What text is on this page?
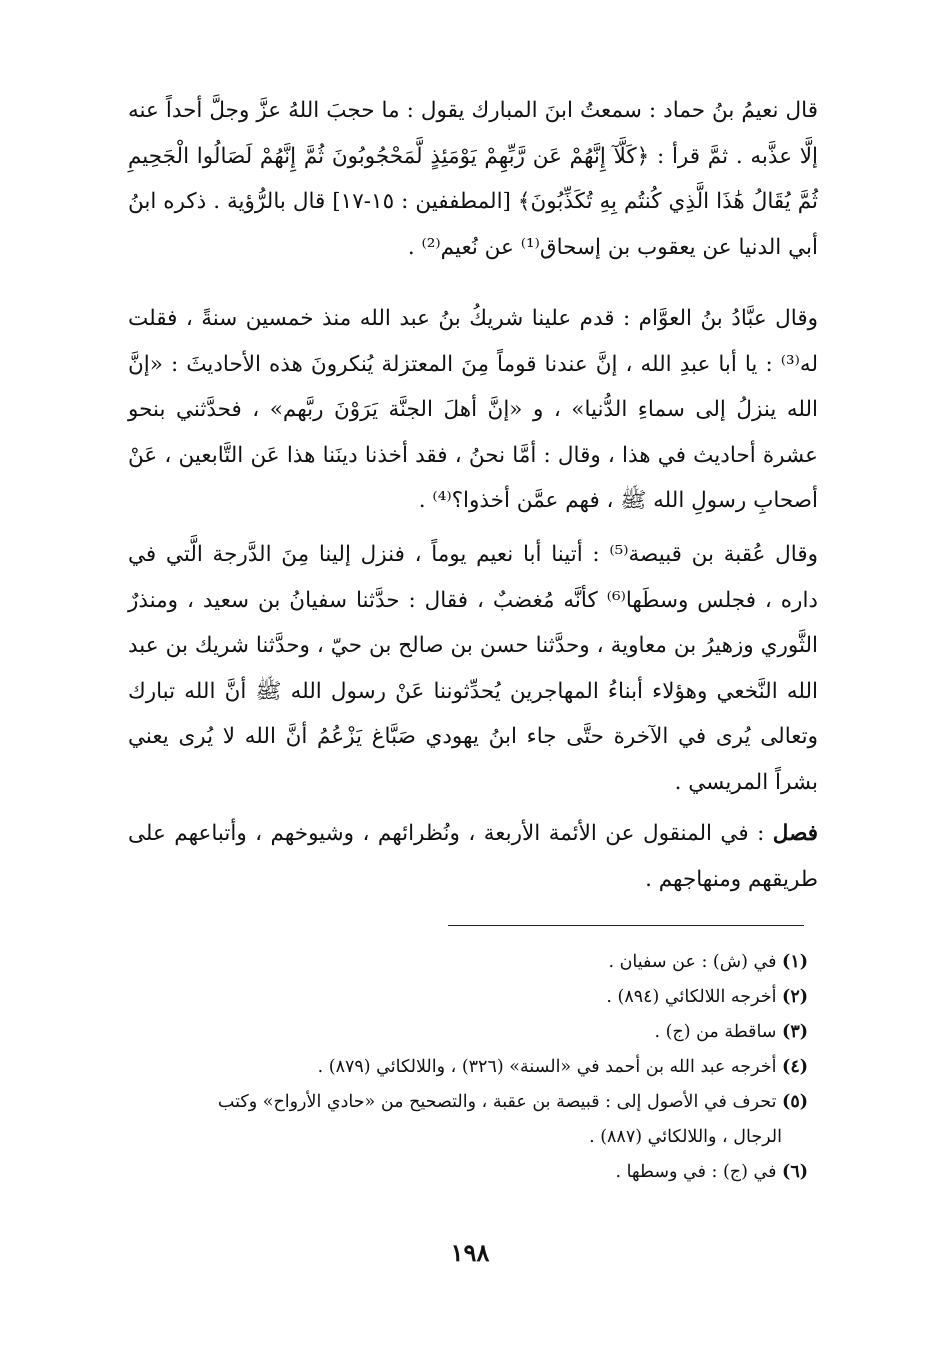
قال نعيمُ بنُ حماد : سمعتُ ابنَ المبارك يقول : ما حجبَ اللهُ عزَّ وجلَّ أحداً عنه إلَّا عذَّبه . ثمَّ قرأ : ﴿كَلَّآ إِنَّهُمْ عَن رَّبِّهِمْ يَوْمَئِذٍ لَّمَحْجُوبُونَ ثُمَّ إِنَّهُمْ لَصَالُوا الْجَحِيمِ ثُمَّ يُقَالُ هَٰذَا الَّذِي كُنتُم بِهِ تُكَذِّبُونَ﴾ [المطففين : ١٥-١٧] قال بالرُّؤية . ذكره ابنُ أبي الدنيا عن يعقوب بن إسحاق⁽¹⁾ عن نُعيم⁽²⁾ .

وقال عبَّادُ بنُ العوَّام : قدم علينا شريكُ بنُ عبد الله منذ خمسين سنةً ، فقلت له⁽³⁾ : يا أبا عبدِ الله ، إنَّ عندنا قوماً مِنَ المعتزلة يُنكرونَ هذه الأحاديثَ : «إنَّ الله ينزلُ إلى سماءِ الدُّنيا» ، و «إنَّ أهلَ الجنَّة يَرَوْنَ ربَّهم» ، فحدَّثني بنحو عشرة أحاديث في هذا ، وقال : أمَّا نحنُ ، فقد أخذنا دينَنا هذا عَن التَّابعين ، عَنْ أصحابِ رسولِ الله ﷺ ، فهم عمَّن أخذوا؟⁽⁴⁾ .

وقال عُقبة بن قبيصة⁽⁵⁾ : أتينا أبا نعيم يوماً ، فنزل إلينا مِنَ الدَّرجة الَّتي في داره ، فجلس وسطَها⁽⁶⁾ كأنَّه مُغضبٌ ، فقال : حدَّثنا سفيانُ بن سعيد ، ومنذرٌ الثَّوري وزهيرُ بن معاوية ، وحدَّثنا حسن بن صالح بن حيّ ، وحدَّثنا شريك بن عبد الله النَّخعي وهؤلاء أبناءُ المهاجرين يُحدِّثوننا عَنْ رسول الله ﷺ أنَّ الله تبارك وتعالى يُرى في الآخرة حتَّى جاء ابنُ يهودي صَبَّاغ يَزْعُمُ أنَّ الله لا يُرى يعني بشراً المريسي .

فصل : في المنقول عن الأئمة الأربعة ، ونُظرائهم ، وشيوخهم ، وأتباعهم على طريقهم ومنهاجهم .

(١) في (ش) : عن سفيان .

(٢) أخرجه اللالكائي (٨٩٤) .

(٣) ساقطة من (ج) .

(٤) أخرجه عبد الله بن أحمد في «السنة» (٣٢٦) ، واللالكائي (٨٧٩) .

(٥) تحرف في الأصول إلى : قبيصة بن عقبة ، والتصحيح من «حادي الأرواح» وكتب

الرجال ، واللالكائي (٨٨٧) .

(٦) في (ج) : في وسطها .

١٩٨
